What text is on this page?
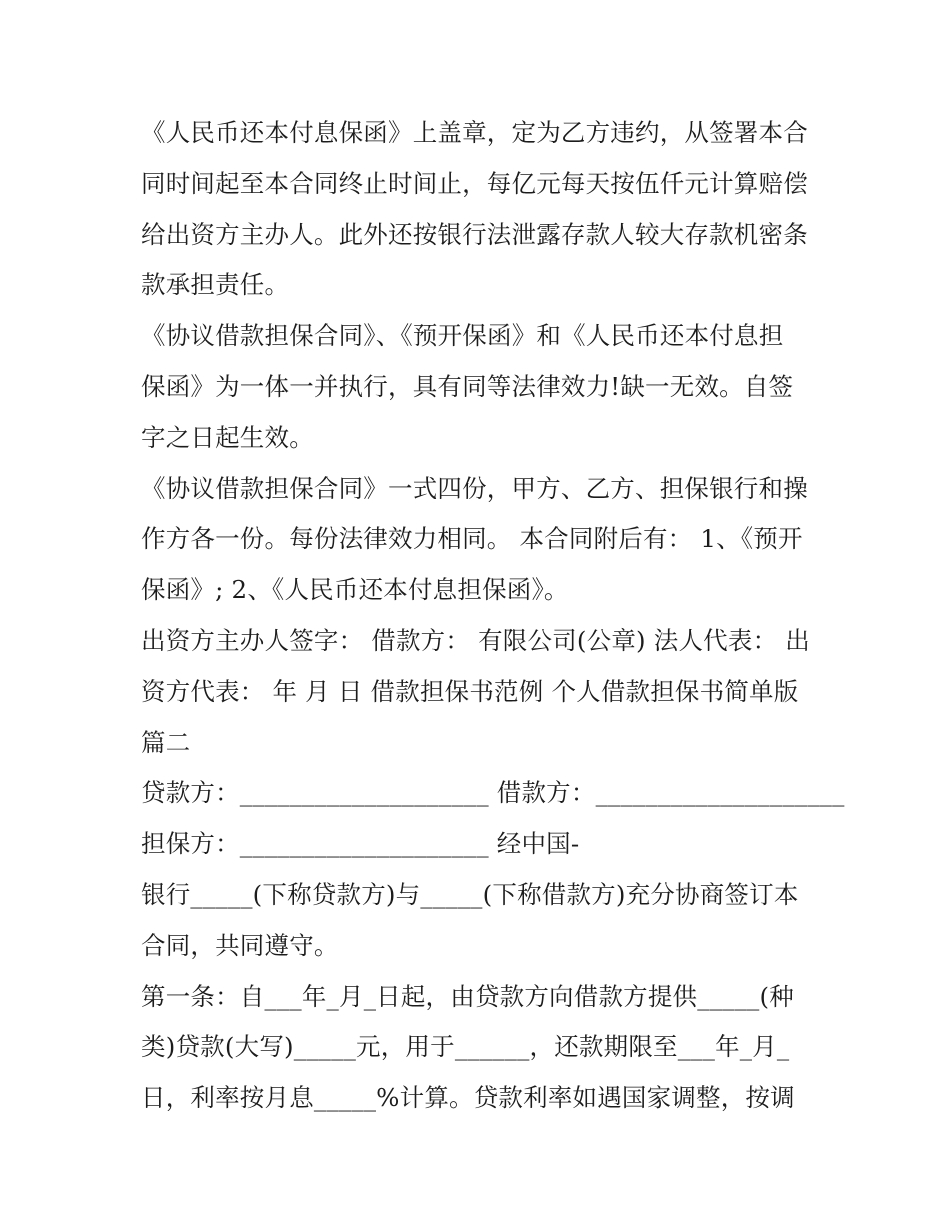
《人民币还本付息保函》上盖章，定为乙方违约，从签署本合
同时间起至本合同终止时间止，每亿元每天按伍仟元计算赔偿
给出资方主办人。此外还按银行法泄露存款人较大存款机密条
款承担责任。
《协议借款担保合同》、《预开保函》和《人民币还本付息担
保函》为一体一并执行，具有同等法律效力!缺一无效。自签
字之日起生效。
《协议借款担保合同》一式四份，甲方、乙方、担保银行和操
作方各一份。每份法律效力相同。 本合同附后有： 1、《预开
保函》; 2、《人民币还本付息担保函》。
出资方主办人签字： 借款方： 有限公司(公章) 法人代表： 出
资方代表： 年 月 日 借款担保书范例 个人借款担保书简单版
篇二
贷款方：____________________ 借款方：____________________
担保方：____________________ 经中国-
银行_____(下称贷款方)与_____(下称借款方)充分协商签订本
合同，共同遵守。
第一条：自___年_月_日起，由贷款方向借款方提供_____(种
类)贷款(大写)_____元，用于______，还款期限至___年_月_
日，利率按月息_____%计算。贷款利率如遇国家调整，按调
